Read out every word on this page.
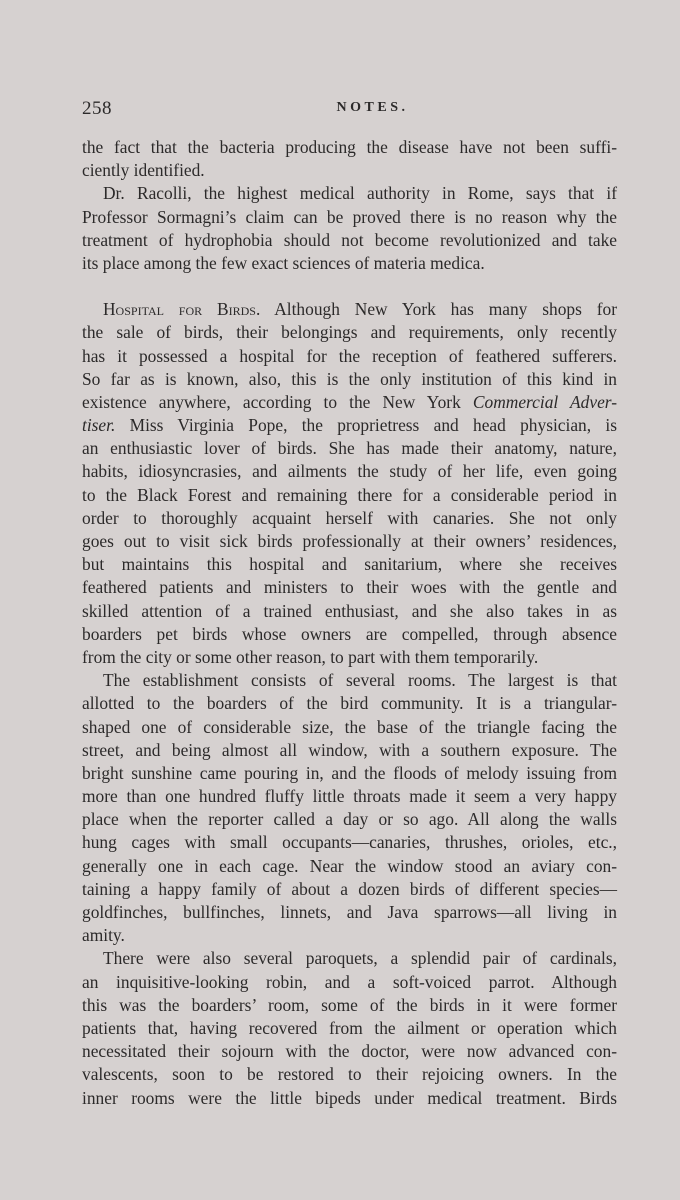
258	NOTES.
the fact that the bacteria producing the disease have not been suffi-
ciently identified.
Dr. Racolli, the highest medical authority in Rome, says that if
Professor Sormagni’s claim can be proved there is no reason why the
treatment of hydrophobia should not become revolutionized and take
its place among the few exact sciences of materia medica.
Hospital for Birds. Although New York has many shops for
the sale of birds, their belongings and requirements, only recently
has it possessed a hospital for the reception of feathered sufferers.
So far as is known, also, this is the only institution of this kind in
existence anywhere, according to the New York Commercial Adver-
tiser. Miss Virginia Pope, the proprietress and head physician, is
an enthusiastic lover of birds. She has made their anatomy, nature,
habits, idiosyncrasies, and ailments the study of her life, even going
to the Black Forest and remaining there for a considerable period in
order to thoroughly acquaint herself with canaries. She not only
goes out to visit sick birds professionally at their owners’ residences,
but maintains this hospital and sanitarium, where she receives
feathered patients and ministers to their woes with the gentle and
skilled attention of a trained enthusiast, and she also takes in as
boarders pet birds whose owners are compelled, through absence
from the city or some other reason, to part with them temporarily.
The establishment consists of several rooms. The largest is that
allotted to the boarders of the bird community. It is a triangular-
shaped one of considerable size, the base of the triangle facing the
street, and being almost all window, with a southern exposure. The
bright sunshine came pouring in, and the floods of melody issuing from
more than one hundred fluffy little throats made it seem a very happy
place when the reporter called a day or so ago. All along the walls
hung cages with small occupants—canaries, thrushes, orioles, etc.,
generally one in each cage. Near the window stood an aviary con-
taining a happy family of about a dozen birds of different species—
goldfinches, bullfinches, linnets, and Java sparrows—all living in
amity.
There were also several paroquets, a splendid pair of cardinals,
an inquisitive-looking robin, and a soft-voiced parrot. Although
this was the boarders’ room, some of the birds in it were former
patients that, having recovered from the ailment or operation which
necessitated their sojourn with the doctor, were now advanced con-
valescents, soon to be restored to their rejoicing owners. In the
inner rooms were the little bipeds under medical treatment. Birds
